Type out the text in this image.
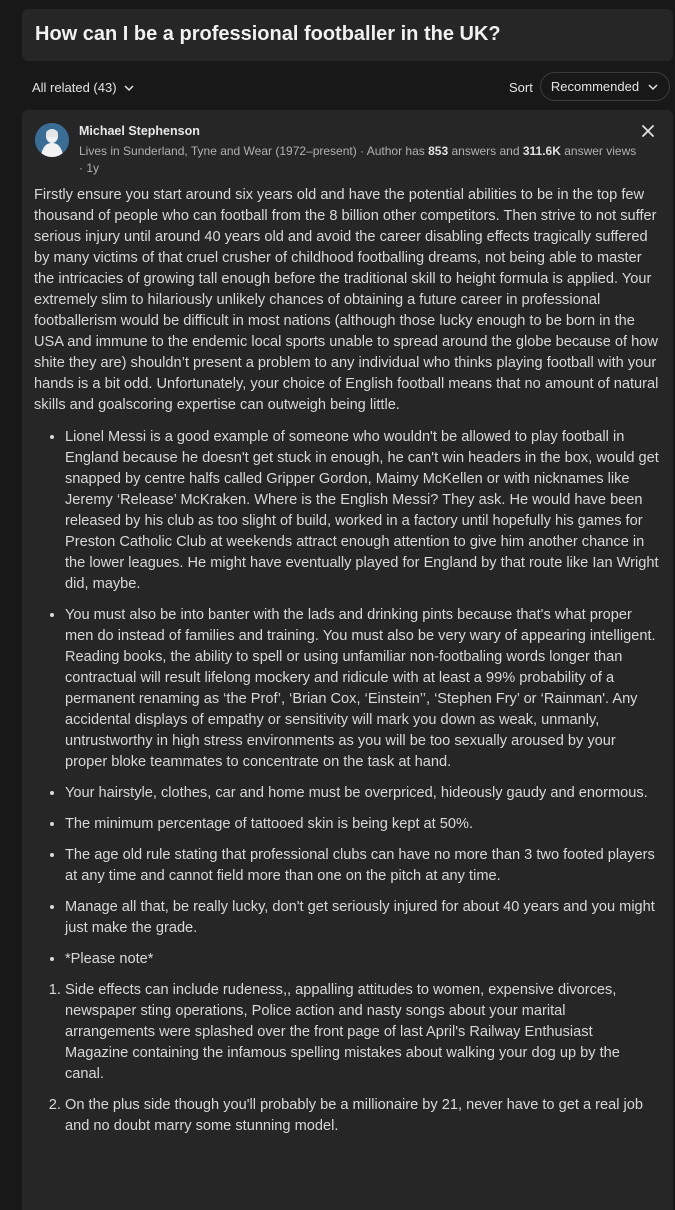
How can I be a professional footballer in the UK?
All related (43)	Sort Recommended
Michael Stephenson
Lives in Sunderland, Tyne and Wear (1972–present) · Author has 853 answers and 311.6K answer views · 1y

Firstly ensure you start around six years old and have the potential abilities to be in the top few thousand of people who can football from the 8 billion other competitors. Then strive to not suffer serious injury until around 40 years old and avoid the career disabling effects tragically suffered by many victims of that cruel crusher of childhood footballing dreams, not being able to master the intricacies of growing tall enough before the traditional skill to height formula is applied. Your extremely slim to hilariously unlikely chances of obtaining a future career in professional footballerism would be difficult in most nations (although those lucky enough to be born in the USA and immune to the endemic local sports unable to spread around the globe because of how shite they are) shouldn’t present a problem to any individual who thinks playing football with your hands is a bit odd. Unfortunately, your choice of English football means that no amount of natural skills and goalscoring expertise can outweigh being little.

• Lionel Messi is a good example of someone who wouldn't be allowed to play football in England because he doesn't get stuck in enough, he can't win headers in the box, would get snapped by centre halfs called Gripper Gordon, Maimy McKellen or with nicknames like Jeremy ‘Release’ McKraken. Where is the English Messi? They ask. He would have been released by his club as too slight of build, worked in a factory until hopefully his games for Preston Catholic Club at weekends attract enough attention to give him another chance in the lower leagues. He might have eventually played for England by that route like Ian Wright did, maybe.
• You must also be into banter with the lads and drinking pints because that's what proper men do instead of families and training. You must also be very wary of appearing intelligent. Reading books, the ability to spell or using unfamiliar non-footbaling words longer than contractual will result lifelong mockery and ridicule with at least a 99% probability of a permanent renaming as ‘the Prof’, ‘Brian Cox, ‘Einstein’’, ‘Stephen Fry’ or ‘Rainman'. Any accidental displays of empathy or sensitivity will mark you down as weak, unmanly, untrustworthy in high stress environments as you will be too sexually aroused by your proper bloke teammates to concentrate on the task at hand.
• Your hairstyle, clothes, car and home must be overpriced, hideously gaudy and enormous.
• The minimum percentage of tattooed skin is being kept at 50%.
• The age old rule stating that professional clubs can have no more than 3 two footed players at any time and cannot field more than one on the pitch at any time.
• Manage all that, be really lucky, don't get seriously injured for about 40 years and you might just make the grade.
• *Please note*
1. Side effects can include rudeness,, appalling attitudes to women, expensive divorces, newspaper sting operations, Police action and nasty songs about your marital arrangements were splashed over the front page of last April's Railway Enthusiast Magazine containing the infamous spelling mistakes about walking your dog up by the canal.
2. On the plus side though you'll probably be a millionaire by 21, never have to get a real job and no doubt marry some stunning model.
